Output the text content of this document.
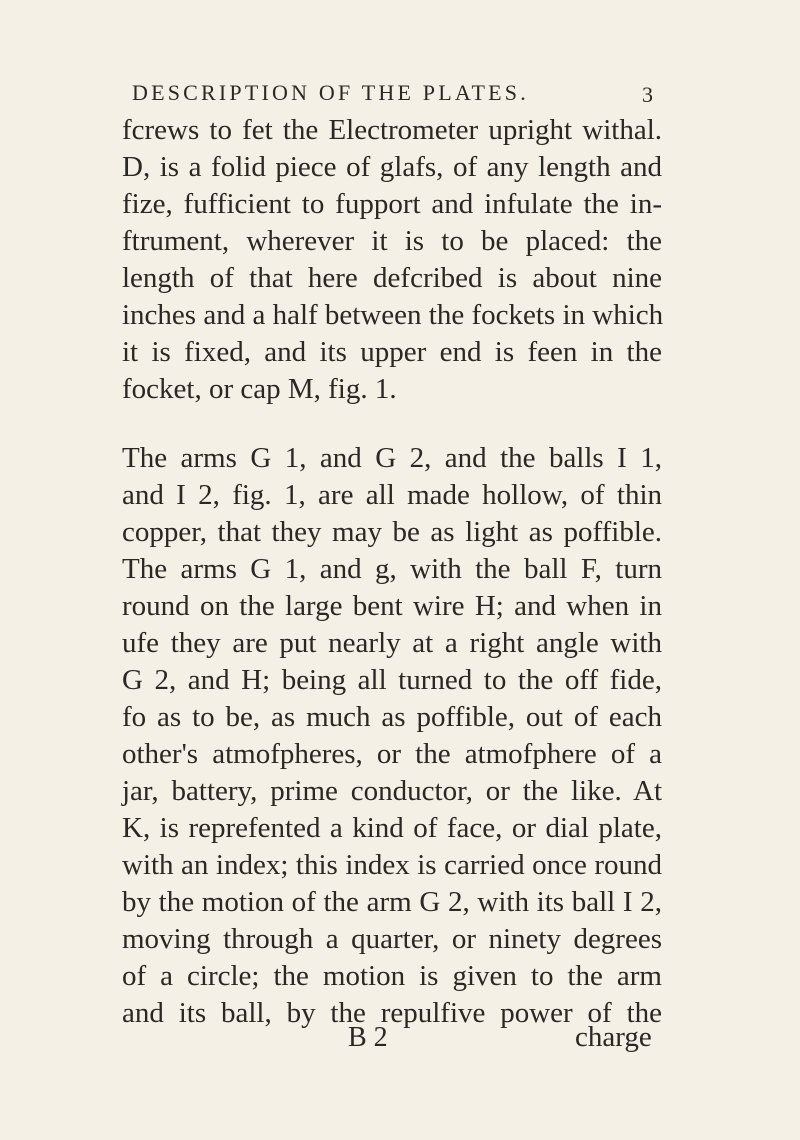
DESCRIPTION OF THE PLATES.	3
fcrews to fet the Electrometer upright withal.
D, is a folid piece of glafs, of any length and
fize, fufficient to fupport and infulate the in-
ftrument, wherever it is to be placed: the
length of that here defcribed is about nine
inches and a half between the fockets in which
it is fixed, and its upper end is feen in the
focket, or cap M, fig. 1.
The arms G 1, and G 2, and the balls I 1,
and I 2, fig. 1, are all made hollow, of thin
copper, that they may be as light as poffible.
The arms G 1, and g, with the ball F, turn
round on the large bent wire H; and when in
ufe they are put nearly at a right angle with
G 2, and H; being all turned to the off fide,
fo as to be, as much as poffible, out of each
other's atmofpheres, or the atmofphere of a
jar, battery, prime conductor, or the like. At
K, is reprefented a kind of face, or dial plate,
with an index; this index is carried once round
by the motion of the arm G 2, with its ball I 2,
moving through a quarter, or ninety degrees
of a circle; the motion is given to the arm
and its ball, by the repulfive power of the
B 2	charge
